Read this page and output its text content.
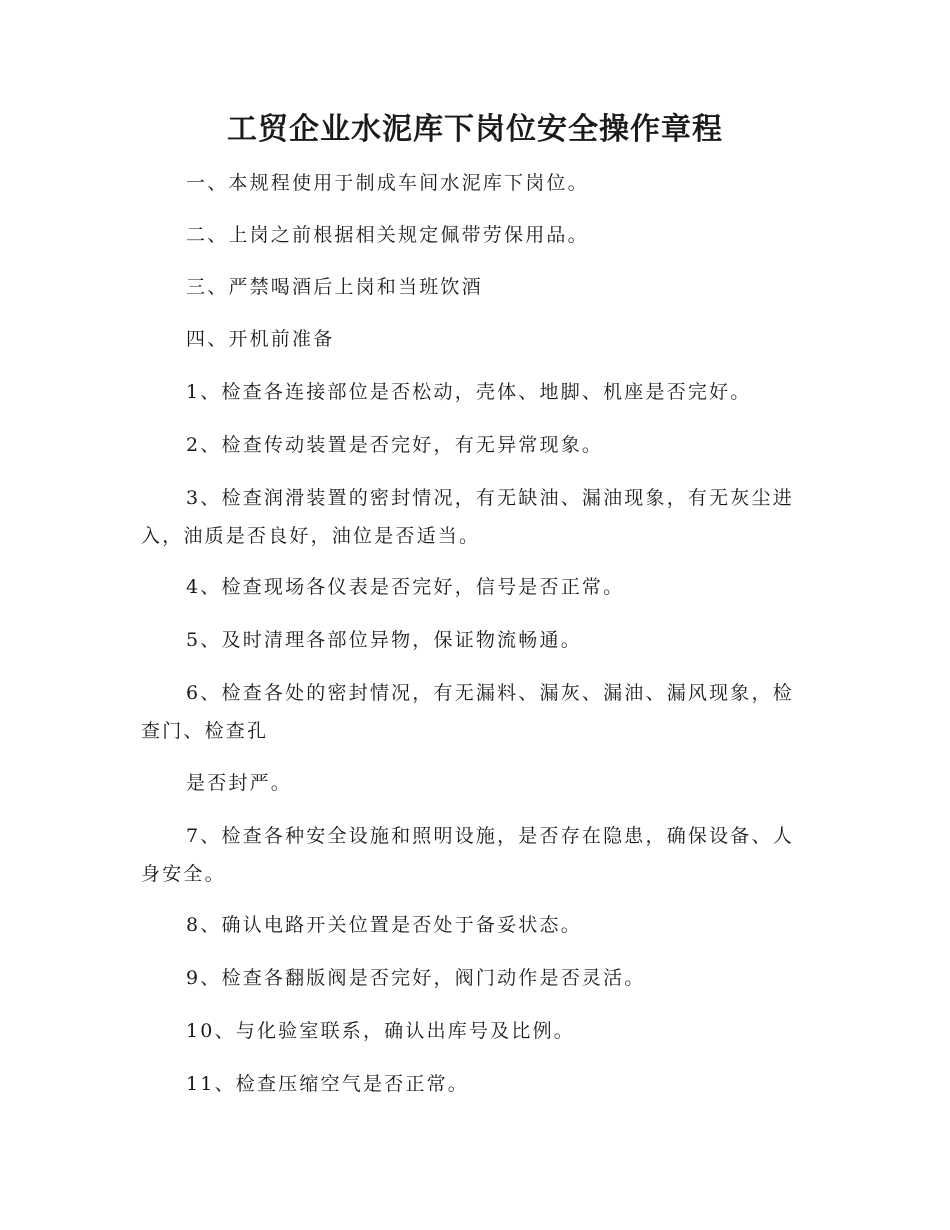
工贸企业水泥库下岗位安全操作章程

一、本规程使用于制成车间水泥库下岗位。

二、上岗之前根据相关规定佩带劳保用品。

三、严禁喝酒后上岗和当班饮酒

四、开机前准备

1、检查各连接部位是否松动，壳体、地脚、机座是否完好。

2、检查传动装置是否完好，有无异常现象。

3、检查润滑装置的密封情况，有无缺油、漏油现象，有无灰尘进入，油质是否良好，油位是否适当。

4、检查现场各仪表是否完好，信号是否正常。

5、及时清理各部位异物，保证物流畅通。

6、检查各处的密封情况，有无漏料、漏灰、漏油、漏风现象，检查门、检查孔

是否封严。

7、检查各种安全设施和照明设施，是否存在隐患，确保设备、人身安全。

8、确认电路开关位置是否处于备妥状态。

9、检查各翻版阀是否完好，阀门动作是否灵活。

10、与化验室联系，确认出库号及比例。

11、检查压缩空气是否正常。
